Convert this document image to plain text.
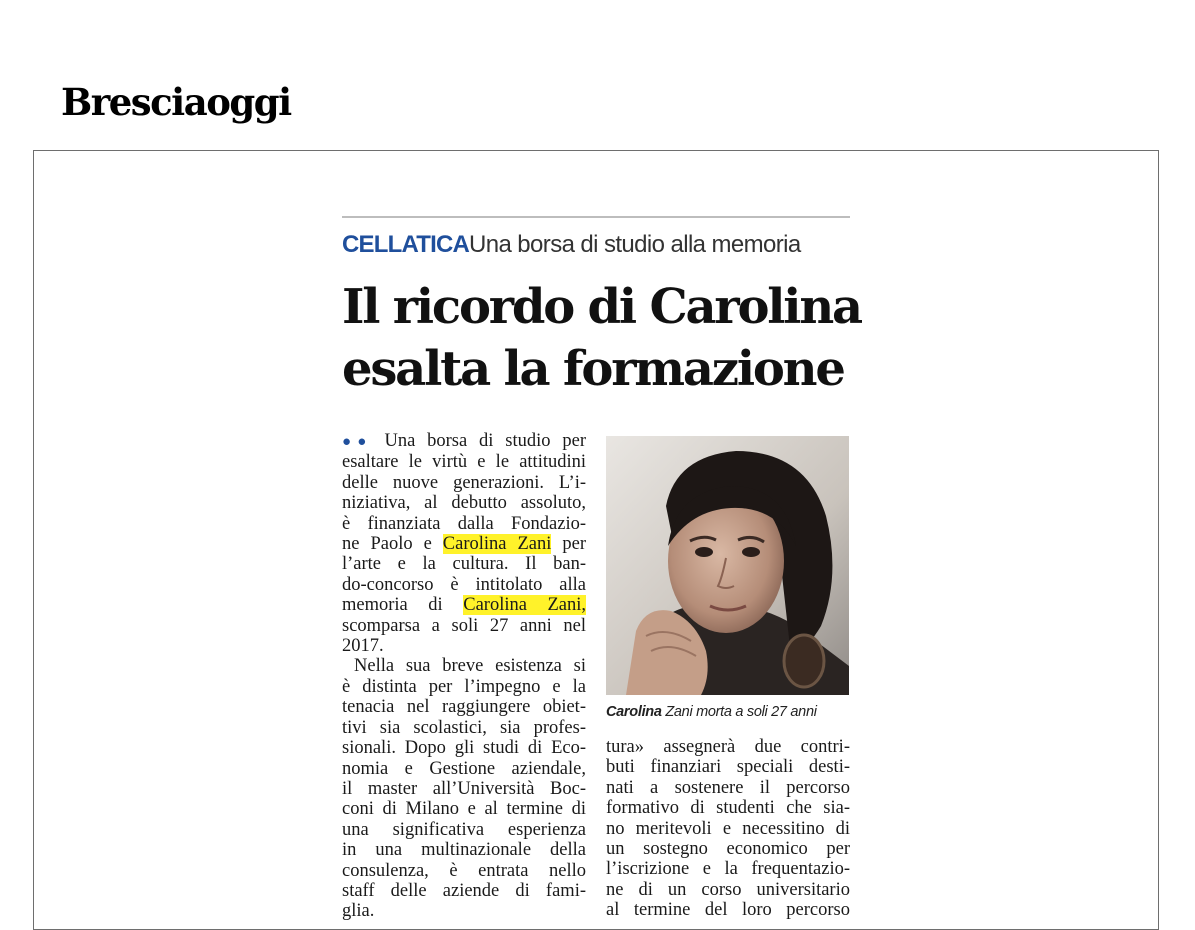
Bresciaoggi
CELLATICAUna borsa di studio alla memoria
Il ricordo di Carolina
esalta la formazione
●● Una borsa di studio per
esaltare le virtù e le attitudini
delle nuove generazioni. L’i-
niziativa, al debutto assoluto,
è finanziata dalla Fondazio-
ne Paolo e Carolina Zani per
l’arte e la cultura. Il ban-
do-concorso è intitolato alla
memoria di Carolina Zani,
scomparsa a soli 27 anni nel
2017.
Nella sua breve esistenza si
è distinta per l’impegno e la
tenacia nel raggiungere obiet-
tivi sia scolastici, sia profes-
sionali. Dopo gli studi di Eco-
nomia e Gestione aziendale,
il master all’Università Boc-
coni di Milano e al termine di
una significativa esperienza
in una multinazionale della
consulenza, è entrata nello
staff delle aziende di fami-
glia.
Carolina Zani morta a soli 27 anni
tura» assegnerà due contri-
buti finanziari speciali desti-
nati a sostenere il percorso
formativo di studenti che sia-
no meritevoli e necessitino di
un sostegno economico per
l’iscrizione e la frequentazio-
ne di un corso universitario
al termine del loro percorso
